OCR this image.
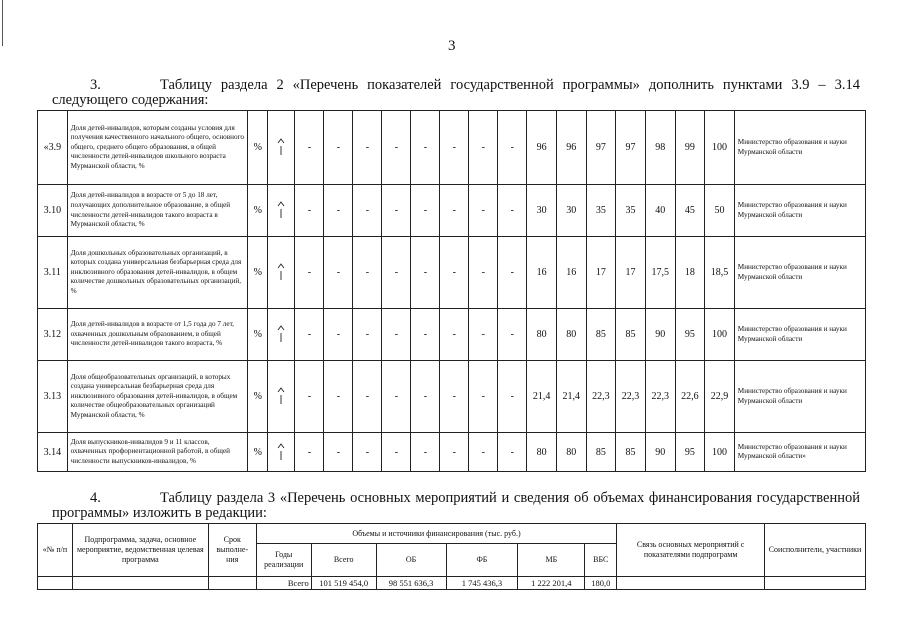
3
3.	Таблицу раздела 2 «Перечень показателей государственной программы» дополнить пунктами 3.9 – 3.14
следующего содержания:
«3.9	Доля детей-инвалидов, которым созданы условия для получения качественного начального общего, основного общего, среднего общего образования, в общей численности детей-инвалидов школьного возраста Мурманской области, %	%		-	-	-	-	-	-	-	-	96	96	97	97	98	99	100	Министерство образования и науки Мурманской области
3.10	Доля детей-инвалидов в возрасте от 5 до 18 лет, получающих дополнительное образование, в общей численности детей-инвалидов такого возраста в Мурманской области, %	%		-	-	-	-	-	-	-	-	30	30	35	35	40	45	50	Министерство образования и науки Мурманской области
3.11	Доля дошкольных образовательных организаций, в которых создана универсальная безбарьерная среда для инклюзивного образования детей-инвалидов, в общем количестве дошкольных образовательных организаций, %	%		-	-	-	-	-	-	-	-	16	16	17	17	17,5	18	18,5	Министерство образования и науки Мурманской области
3.12	Доля детей-инвалидов в возрасте от 1,5 года до 7 лет, охваченных дошкольным образованием, в общей численности детей-инвалидов такого возраста, %	%		-	-	-	-	-	-	-	-	80	80	85	85	90	95	100	Министерство образования и науки Мурманской области
3.13	Доля общеобразовательных организаций, в которых создана универсальная безбарьерная среда для инклюзивного образования детей-инвалидов, в общем количестве общеобразовательных организаций Мурманской области, %	%		-	-	-	-	-	-	-	-	21,4	21,4	22,3	22,3	22,3	22,6	22,9	Министерство образования и науки Мурманской области
3.14	Доля выпускников-инвалидов 9 и 11 классов, охваченных профориентационной работой, в общей численности выпускников-инвалидов, %	%		-	-	-	-	-	-	-	-	80	80	85	85	90	95	100	Министерство образования и науки Мурманской области»
4.	Таблицу раздела 3 «Перечень основных мероприятий и сведения об объемах финансирования государственной
программы» изложить в редакции:
«№ п/п	Подпрограмма, задача, основное мероприятие, ведомственная целевая программа	Срок выполне-ния	Объемы и источники финансирования (тыс. руб.)						Связь основных мероприятий с показателями подпрограмм	Соисполнители, участники
			Годы реализации	Всего	ОБ	ФБ	МБ	ВБС		
			Всего	101 519 454,0	98 551 636,3	1 745 436,3	1 222 201,4	180,0		
